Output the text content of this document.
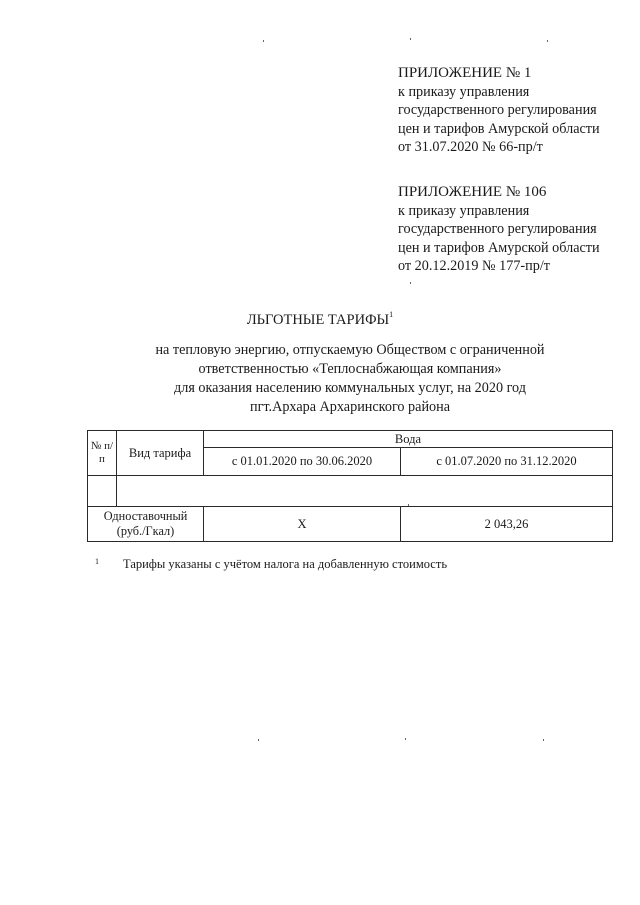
ПРИЛОЖЕНИЕ № 1
к приказу управления
государственного регулирования
цен и тарифов Амурской области
от 31.07.2020 № 66-пр/т
ПРИЛОЖЕНИЕ № 106
к приказу управления
государственного регулирования
цен и тарифов Амурской области
от 20.12.2019 № 177-пр/т
ЛЬГОТНЫЕ ТАРИФЫ$^1$
на тепловую энергию, отпускаемую Обществом с ограниченной
ответственностью «Теплоснабжающая компания»
для оказания населению коммунальных услуг, на 2020 год
пгт.Архара Архаринского района
№ п/п	Вид тарифа	Вода	
		с 01.01.2020 по 30.06.2020	с 01.07.2020 по 31.12.2020

Одноставочный (руб./Гкал)		Х	2 043,26
$^1$ Тарифы указаны с учётом налога на добавленную стоимость
